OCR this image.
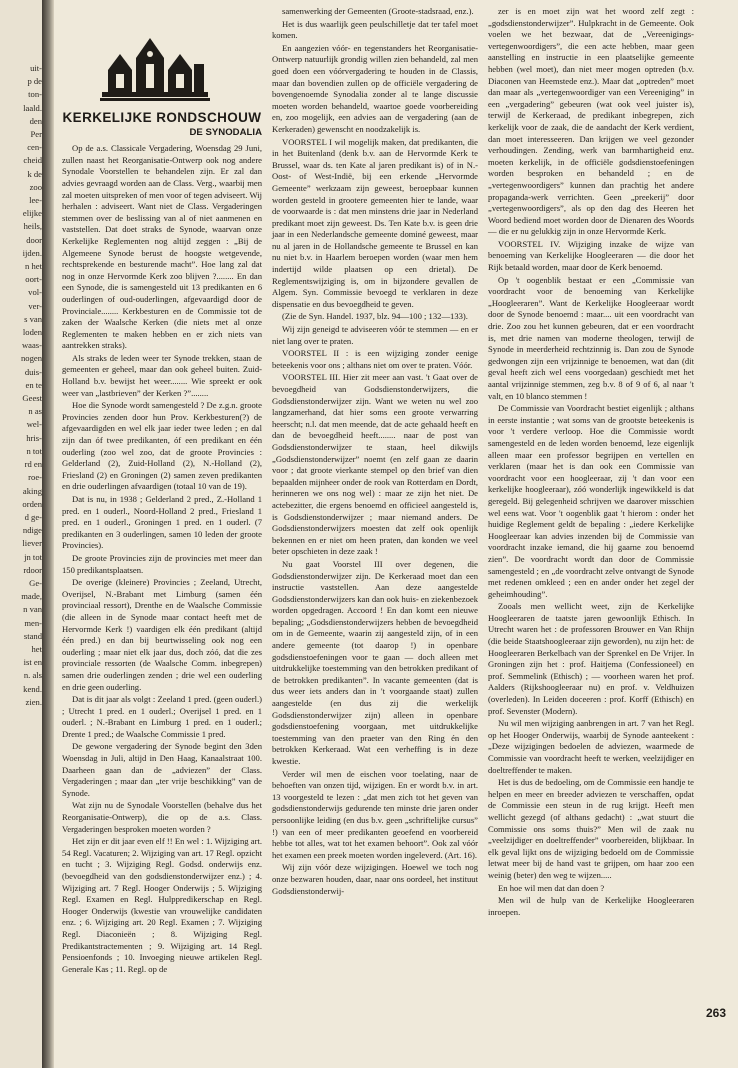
uit-
p de
ton-
laald.
den
Per
cen-
cheid
k de
zoo
lee-
elijke
heils,
door
ijden.
n het
oort-
vol-
ver-
s van
loden
waas-
nogen
duis-
en te
Geest
n as
wel-
hris-
n tot
rd en
roe-
aking
orden
d ge-
ndige
liever
jn tot
rdoor
Ge-
made,
n van
men-
stand
het
ist en
n. als
kend.
zien.
KERKELIJKE RONDSCHOUW
DE SYNODALIA

Op de a.s. Classicale Vergadering, Woensdag 29 Juni, zullen naast het Reorganisatie-Ontwerp ook nog andere Synodale Voorstellen te behandelen zijn. Er zal dan advies gevraagd worden aan de Class. Verg., waarbij men zal moeten uitspreken of men voor of tegen adviseert. Wij herhalen : adviseert. Want niet de Class. Vergaderingen stemmen over de beslissing van al of niet aanmenen en vaststellen. Dat doet straks de Synode, waarvan onze Kerkelijke Reglementen nog altijd zeggen : „Bij de Algemeene Synode berust de hoogste wetgevende, rechtsprekende en besturende macht”. Hoe lang zal dat nog in onze Hervormde Kerk zoo blijven ?........ En dan een Synode, die is samengesteld uit 13 predikanten en 6 ouderlingen of oud-ouderlingen, afgevaardigd door de Provinciale........ Kerkbesturen en de Commissie tot de zaken der Waalsche Kerken (die niets met al onze Reglementen te maken hebben en er zich niets van aantrekken straks).

Als straks de leden weer ter Synode trekken, staan de gemeenten er geheel, maar dan ook geheel buiten. Zuid-Holland b.v. bewijst het weer........ Wie spreekt er ook weer van „lastbrieven” der Kerken ?”........

Hoe die Synode wordt samengesteld ? De z.g.n. groote Provincies zenden door hun Prov. Kerkbesturen(?) de afgevaardigden en wel elk jaar ieder twee leden ; en dal zijn dan óf twee predikanten, óf een predikant en één ouderling (zoo wel zoo, dat de groote Provincies : Gelderland (2), Zuid-Holland (2), N.-Holland (2), Friesland (2) en Groningen (2) samen zeven predikanten en drie ouderlingen afvaardigen (totaal 10 van de 19).

Dat is nu, in 1938 ; Gelderland 2 pred., Z.-Holland 1 pred. en 1 ouderl., Noord-Holland 2 pred., Friesland 1 pred. en 1 ouderl., Groningen 1 pred. en 1 ouderl. (7 predikanten en 3 ouderlingen, samen 10 leden der groote Provincies).

De groote Provincies zijn de provincies met meer dan 150 predikantsplaatsen.

De overige (kleinere) Provincies ; Zeeland, Utrecht, Overijsel, N.-Brabant met Limburg (samen één provinciaal ressort), Drenthe en de Waalsche Commissie (die alleen in de Synode maar contact heeft met de Hervormde Kerk !) vaardigen elk één predikant (altijd één pred.) en dan bij beurtwisseling ook nog een ouderling ; maar niet elk jaar dus, doch zóó, dat die zes provinciale ressorten (de Waalsche Comm. inbegrepen) samen drie ouderlingen zenden ; drie wel een ouderling en drie geen ouderling.

Dat is dit jaar als volgt : Zeeland 1 pred. (geen ouderl.) ; Utrecht 1 pred. en 1 ouderl.; Overijsel 1 pred. en 1 ouderl. ; N.-Brabant en Limburg 1 pred. en 1 ouderl.; Drente 1 pred.; de Waalsche Commissie 1 pred.

De gewone vergadering der Synode begint den 3den Woensdag in Juli, altijd in Den Haag, Kanaalstraat 100. Daarheen gaan dan de „adviezen” der Class. Vergaderingen ; maar dan „ter vrije beschikking” van de Synode.

Wat zijn nu de Synodale Voorstellen (behalve dus het Reorganisatie-Ontwerp), die op de a.s. Class. Vergaderingen besproken moeten worden ?

Het zijn er dit jaar even elf !! En wel : 1. Wijziging art. 54 Regl. Vacaturen; 2. Wijziging van art. 17 Regl. opzicht en tucht ; 3. Wijziging Regl. Godsd. onderwijs enz. (bevoegdheid van den godsdienstonderwijzer enz.) ; 4. Wijziging art. 7 Regl. Hooger Onderwijs ; 5. Wijziging Regl. Examen en Regl. Hulppredikerschap en Regl. Hooger Onderwijs (kwestie van vrouwelijke candidaten enz. ; 6. Wijziging art. 20 Regl. Examen ; 7. Wijziging Regl. Diaconieën ; 8. Wijziging Regl. Predikantstractementen ; 9. Wijziging art. 14 Regl. Pensioenfonds ; 10. Invoeging nieuwe artikelen Regl. Generale Kas ; 11. Regl. op de

samenwerking der Gemeenten (Groote-stadsraad, enz.).

Het is dus waarlijk geen peulschilletje dat ter tafel moet komen.

En aangezien vóór- en tegenstanders het Reorganisatie-Ontwerp natuurlijk grondig willen zien behandeld, zal men goed doen een vóórvergadering te houden in de Classis, maar dan bovendien zullen op de officiële vergadering de bovengenoemde Synodalia zonder al te lange discussie moeten worden behandeld, waartoe goede voorbereiding en, zoo mogelijk, een advies aan de vergadering (aan de Kerkeraden) gewenscht en noodzakelijk is.

VOORSTEL I wil mogelijk maken, dat predikanten, die in het Buitenland (denk b.v. aan de Hervormde Kerk te Brussel, waar ds. ten Kate al jaren predikant is) of in N.-Oost- of West-Indië, bij een erkende „Hervormde Gemeente” werkzaam zijn geweest, beroepbaar kunnen worden gesteld in grootere gemeenten hier te lande, waar de voorwaarde is : dat men minstens drie jaar in Nederland predikant moet zijn geweest. Ds. Ten Kate b.v. is geen drie jaar in een Nederlandsche gemeente dominé geweest, maar nu al jaren in de Hollandsche gemeente te Brussel en kan nu niet b.v. in Haarlem beroepen worden (waar men hem indertijd wilde plaatsen op een drietal). De Reglementswijziging is, om in bijzondere gevallen de Algem. Syn. Commissie bevoegd te verklaren in deze dispensatie en dus bevoegdheid te geven.

(Zie de Syn. Handel. 1937, blz. 94—100 ; 132—133).

Wij zijn geneigd te adviseeren vóór te stemmen — en er niet lang over te praten.

VOORSTEL II : is een wijziging zonder eenige beteekenis voor ons ; althans niet om over te praten. Vóór.

VOORSTEL III. Hier zit meer aan vast. 't Gaat over de bevoegdheid van Godsdienstonderwijzers, die Godsdienstonderwijzer zijn. Want we weten nu wel zoo langzamerhand, dat hier soms een groote verwarring heerscht; n.l. dat men meende, dat de acte gehaald heeft en dan de bevoegdheid heeft........ naar de post van Godsdienstonderwijzer te staan, heel dikwijls „Godsdienstonderwijzer” noemt (en zelf gaan ze daarin voor ; dat groote vierkante stempel op den brief van dien bepaalden mijnheer onder de rook van Rotterdam en Dordt, herinneren we ons nog wel) : maar ze zijn het niet. De actebezitter, die ergens benoemd en officieel aangesteld is, is Godsdienstonderwijzer ; maar niemand anders. De Godsdienstonderwijzers moesten dat zelf ook openlijk bekennen en er niet om heen praten, dan konden we veel beter opschieten in deze zaak !

Nu gaat Voorstel III over degenen, die Godsdienstonderwijzer zijn. De Kerkeraad moet dan een instructie vaststellen. Aan deze aangestelde Godsdienstonderwijzers kan dan ook huis- en ziekenbezoek worden opgedragen. Accoord ! En dan komt een nieuwe bepaling; „Godsdienstonderwijzers hebben de bevoegdheid om in de Gemeente, waarin zij aangesteld zijn, of in een andere gemeente (tot daarop !) in openbare godsdienstoefeningen voor te gaan — doch alleen met uitdrukkelijke toestemming van den betrokken predikant of de betrokken predikanten”. In vacante gemeenten (dat is dus weer iets anders dan in 't voorgaande staat) zullen aangestelde (en dus zij die werkelijk Godsdienstonderwijzer zijn) alleen in openbare godsdienstoefening voorgaan, met uitdrukkelijke toestemming van den praeter van den Ring én den betrokken Kerkeraad. Wat een verheffing is in deze kwestie.

Verder wil men de eischen voor toelating, naar de behoeften van onzen tijd, wijzigen. En er wordt b.v. in art. 13 voorgesteld te lezen : „dat men zich tot het geven van godsdienstonderwijs gedurende ten minste drie jaren onder persoonlijke leiding (en dus b.v. geen „schriftelijke cursus” !) van een of meer predikanten geoefend en voorbereid hebbe tot alles, wat tot het examen behoort”. Ook zal vóór het examen een preek moeten worden ingeleverd. (Art. 16).

Wij zijn vóór deze wijzigingen. Hoewel we toch nog onze bezwaren houden, daar, naar ons oordeel, het instituut Godsdienstonderwij-

zer is en moet zijn wat het woord zelf zegt : „godsdienstonderwijzer”. Hulpkracht in de Gemeente. Ook voelen we het bezwaar, dat de „Vereenigings-vertegenwoordigers”, die een acte hebben, maar geen aanstelling en instructie in een plaatselijke gemeente hebben (wel moet), dan niet meer mogen optreden (b.v. Diaconen van Heemstede enz.). Maar dat „optreden” moet dan maar als „vertegenwoordiger van een Vereeniging” in een „vergadering” gebeuren (wat ook veel juister is), terwijl de Kerkeraad, de predikant inbegrepen, zich kerkelijk voor de zaak, die de aandacht der Kerk verdient, dan moet interesseeren. Dan krijgen we veel gezonder verhoudingen. Zending, werk van barmhartigheid enz. moeten kerkelijk, in de officiële godsdienstoefeningen worden besproken en behandeld ; en de „vertegenwoordigers” kunnen dan prachtig het andere propaganda-werk verrichten. Geen „preekerij” door „vertegenwoordigers”, als op den dag des Heeren het Woord bediend moet worden door de Dienaren des Woords — die er nu gelukkig zijn in onze Hervormde Kerk.

VOORSTEL IV. Wijziging inzake de wijze van benoeming van Kerkelijke Hoogleeraren — die door het Rijk betaald worden, maar door de Kerk benoemd.

Op 't oogenblik bestaat er een „Commissie van voordracht voor de benoeming van Kerkelijke „Hoogleeraren”. Want de Kerkelijke Hoogleeraar wordt door de Synode benoemd : maar.... uit een voordracht van drie. Zoo zou het kunnen gebeuren, dat er een voordracht is, met drie namen van moderne theologen, terwijl de Synode in meerderheid rechtzinnig is. Dan zou de Synode gedwongen zijn een vrijzinnige te benoemen, wat dan (dit geval heeft zich wel eens voorgedaan) geschiedt met het aantal vrijzinnige stemmen, zeg b.v. 8 of 9 of 6, al naar 't valt, en 10 blanco stemmen !

De Commissie van Voordracht bestiet eigenlijk ; althans in eerste instantie ; wat soms van de grootste beteekenis is voor 't verdere verloop. Hoe die Commissie wordt samengesteld en de leden worden benoemd, leze eigenlijk alleen maar een professor begrijpen en vertellen en verklaren (maar het is dan ook een Commissie van voordracht voor een hoogleeraar, zij 't dan voor een kerkelijke hoogleeraar), zóó wonderlijk ingewikkeld is dat geregeld. Bij gelegenheid schrijven we daarover misschien wel eens wat. Voor 't oogenblik gaat 't hierom : onder het huidige Reglement geldt de bepaling : „iedere Kerkelijke Hoogleeraar kan advies inzenden bij de Commissie van voordracht inzake iemand, die hij gaarne zou benoemd zien”. De voordracht wordt dan door de Commissie samengesteld ; en „de voordracht zelve ontvangt de Synode met redenen omkleed ; een en ander onder het zegel der geheimhouding”.

Zooals men wellicht weet, zijn de Kerkelijke Hoogleeraren de taatste jaren gewoonlijk Ethisch. In Utrecht waren het : de professoren Brouwer en Van Rhijn (die beide Staatshoogleeraar zijn geworden), nu zijn het: de Hoogleeraren Berkelbach van der Sprenkel en De Vrijer. In Groningen zijn het : prof. Haitjema (Confessioneel) en prof. Semmelink (Ethisch) ; — voorheen waren het prof. Aalders (Rijkshoogleeraar nu) en prof. v. Veldhuizen (overleden). In Leiden doceeren : prof. Korff (Ethisch) en prof. Sevenster (Modern).

Nu wil men wijziging aanbrengen in art. 7 van het Regl. op het Hooger Onderwijs, waarbij de Synode aanteekent : „Deze wijzigingen bedoelen de adviezen, waarmede de Commissie van voordracht heeft te werken, veelzijdiger en doeltreffender te maken.

Het is dus de bedoeling, om de Commissie een handje te helpen en meer en breeder adviezen te verschaffen, opdat de Commissie een steun in de rug krijgt. Heeft men wellicht gezegd (of althans gedacht) : „wat stuurt die Commissie ons soms thuis?” Men wil de zaak nu „veelzijdiger en doeltreffender” voorbereiden, blijkbaar. In elk geval lijkt ons de wijziging bedoeld om de Commissie letwat meer bij de hand vast te grijpen, om haar zoo een weinig (beter) den weg te wijzen.....

En hoe wil men dat dan doen ?

Men wil de hulp van de Kerkelijke Hoogleeraren inroepen.

263
